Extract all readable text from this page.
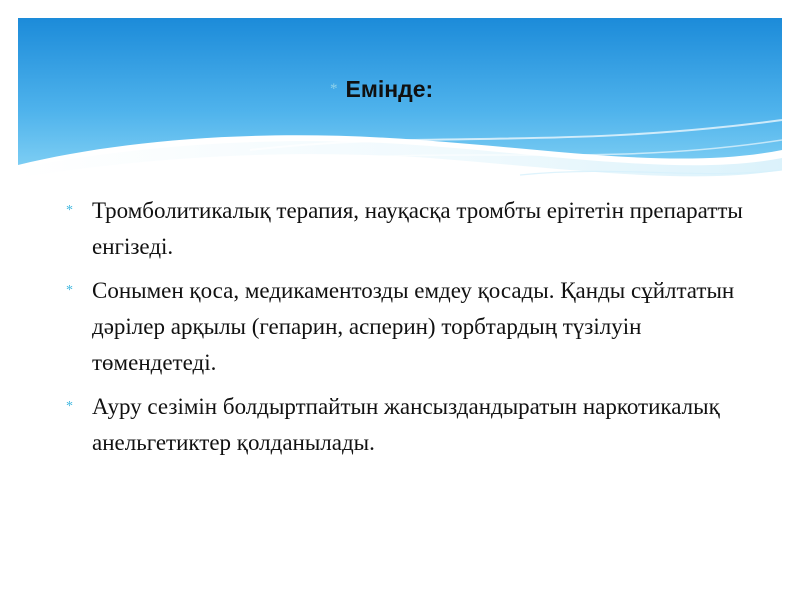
* Емінде:
* Тромболитикалық терапия, науқасқа тромбты ерітетін препаратты енгізеді.
* Сонымен қоса, медикаментозды емдеу қосады. Қанды сұйлтатын дәрілер арқылы (гепарин, асперин) торбтардың түзілуін төмендетеді.
* Ауру сезімін болдыртпайтын жансыздандыратын наркотикалық анельгетиктер қолданылады.
